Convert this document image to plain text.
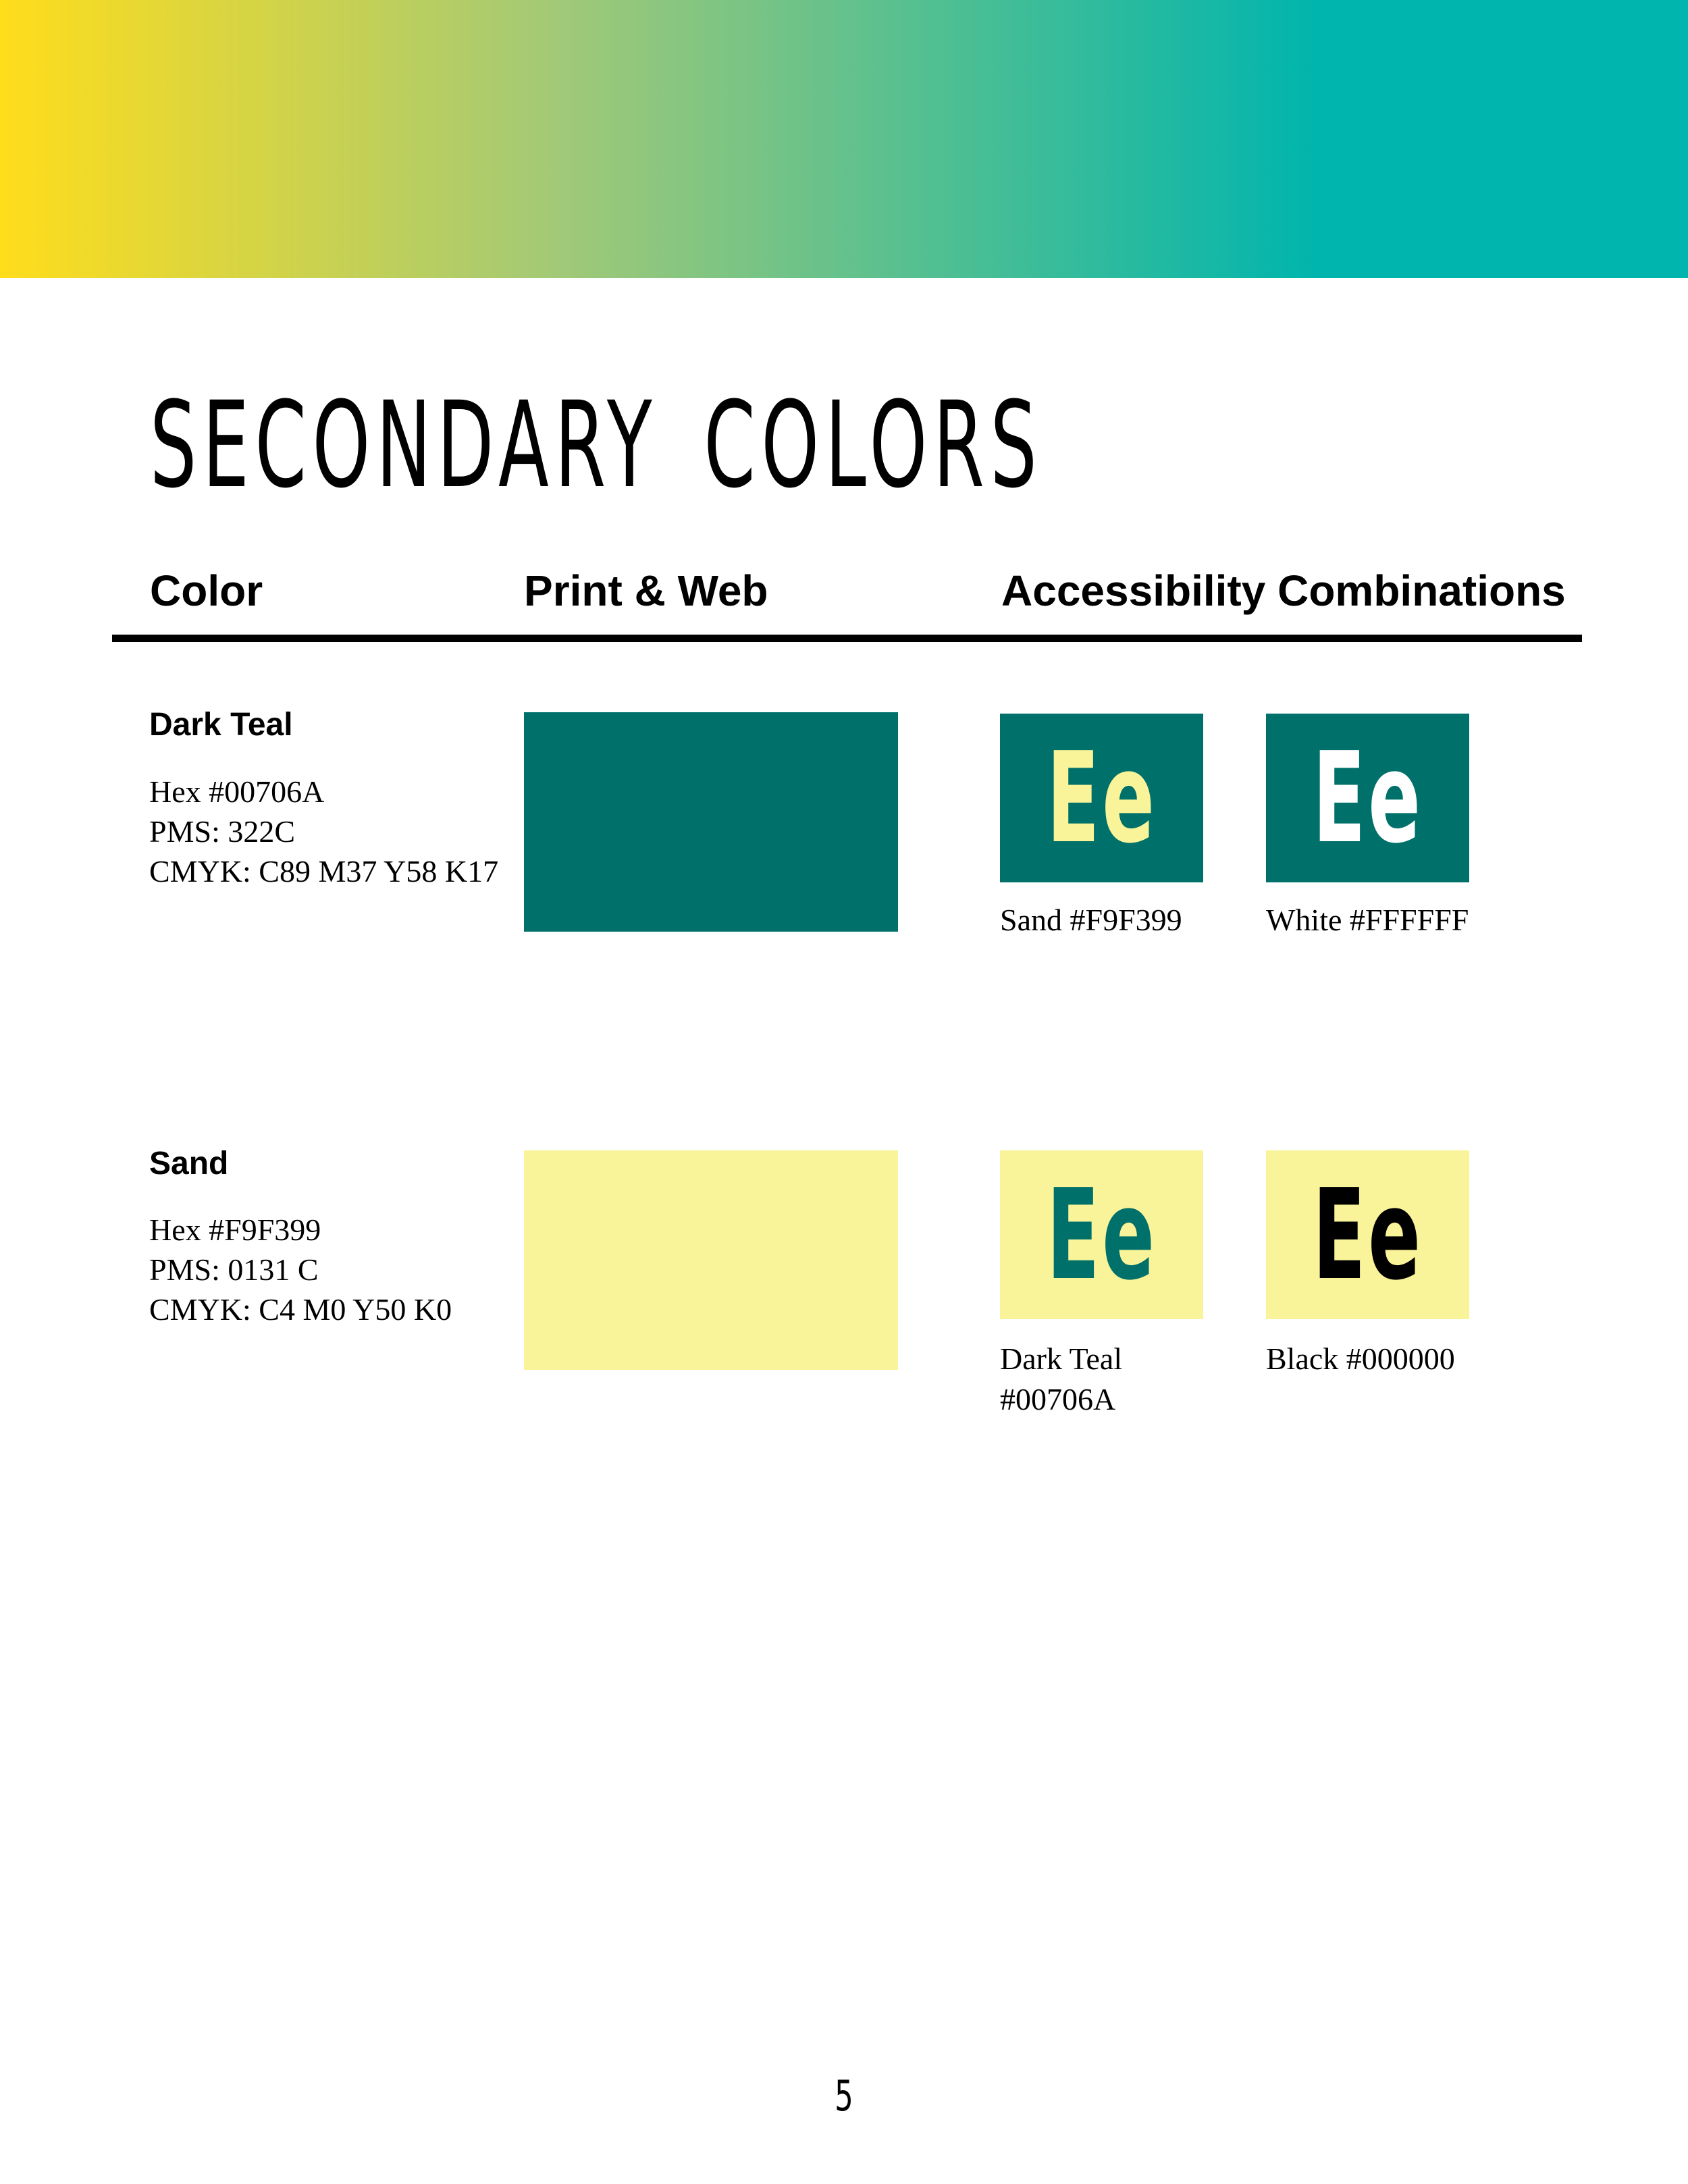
SECONDARY COLORS
Color	Print & Web	Accessibility Combinations
Dark Teal
Hex #00706A
PMS: 322C
CMYK: C89 M37 Y58 K17
Ee
Sand #F9F399
Ee
White #FFFFFF
Sand
Hex #F9F399
PMS: 0131 C
CMYK: C4 M0 Y50 K0
Ee
Dark Teal
#00706A
Ee
Black #000000
5
